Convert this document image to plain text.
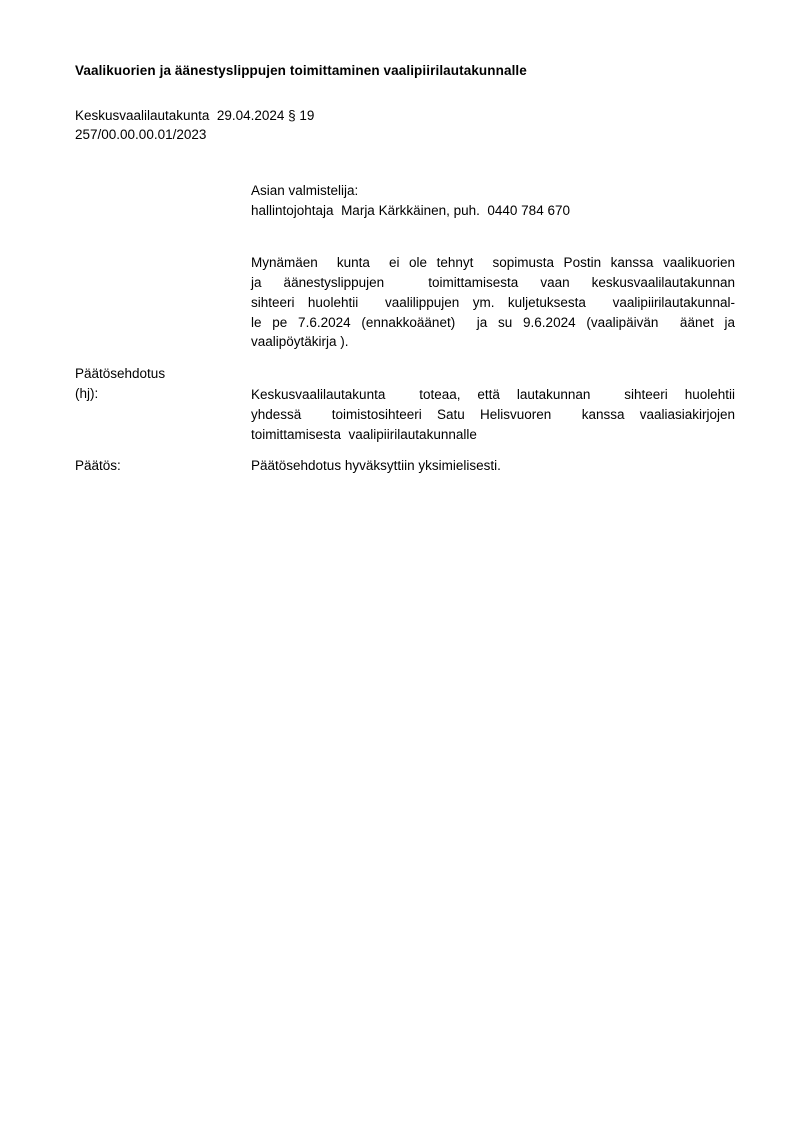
Vaalikuorien ja äänestyslippujen toimittaminen vaalipiirilautakunnalle
Keskusvaalilautakunta  29.04.2024 § 19
257/00.00.00.01/2023
Asian valmistelija:
hallintojohtaja  Marja Kärkkäinen, puh.  0440 784 670
Mynämäen  kunta  ei ole tehnyt  sopimusta Postin kanssa vaalikuorien
ja äänestyslippujen  toimittamisesta vaan keskusvaalilautakunnan
sihteeri huolehtii  vaalilippujen ym. kuljetuksesta  vaalipiirilautakunnal-
le pe 7.6.2024 (ennakkoäänet)  ja su 9.6.2024 (vaalipäivän  äänet ja
vaalipöytäkirja ).
Päätösehdotus
(hj):	Keskusvaalilautakunta  toteaa, että lautakunnan  sihteeri huolehtii
yhdessä  toimistosihteeri Satu Helisvuoren  kanssa vaaliasiakirjojen
toimittamisesta  vaalipiirilautakunnalle
Päätös:	Päätösehdotus hyväksyttiin yksimielisesti.
